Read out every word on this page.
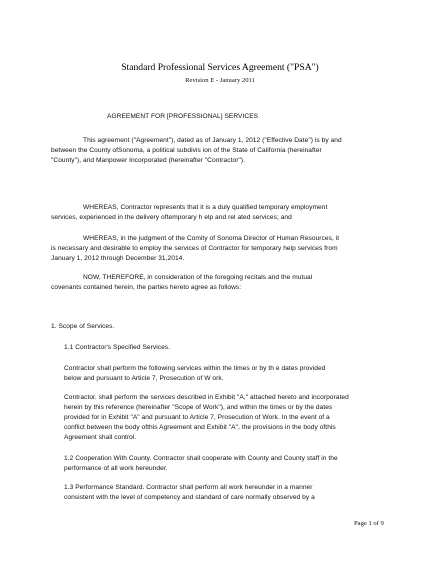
Standard Professional Services Agreement ("PSA")
Revision E - January 2011
AGREEMENT FOR [PROFESSIONAL] SERVICES
This agreement ("Agreement"), dated as of January 1, 2012 ("Effective Date") is by and
between the County ofSonoma, a political subdivis ion of the State of California (hereinafter
"County"), and Manpower Incorporated (hereinafter "Contractor").
WHEREAS, Contractor represents that it is a duly qualified temporary employment
services, experienced in the delivery oftemporary h elp and rel ated services; and
WHEREAS, in the judgment of the Comity of Sonoma Director of Human Resources, it
is necessary and desirable to employ the services of Contractor for temporary help services from
January 1, 2012 through December 31,2014.
NOW, THEREFORE, in consideration of the foregoing recitals and the mutual
covenants contained herein, the parties hereto agree as follows:
1. Scope of Services.
1.1 Contractor's Specified Services.
Contractor shall perform the following services within the times or by th e dates provided
below and pursuant to Article 7, Prosecution of W ork.
Contractor. shall perform the services described in Exhibit "A," attached hereto and incorporated
herein by this reference (hereinafter "Scope of Work"), and within the times or by the dates
provided for in Exhibit "A" and pursuant to Article 7, Prosecution of Work. In the event of a
conflict between the body ofthis Agreement and Exhibit "A", the provisions in the body ofthis
Agreement shall control.
1.2 Cooperation With County. Contractor shall cooperate with County and County staff in the
performance of all work hereunder.
1.3 Performance Standard. Contractor shall perform all work hereunder in a manner
consistent with the level of competency and standard of care normally observed by a
Page 1 of 9
